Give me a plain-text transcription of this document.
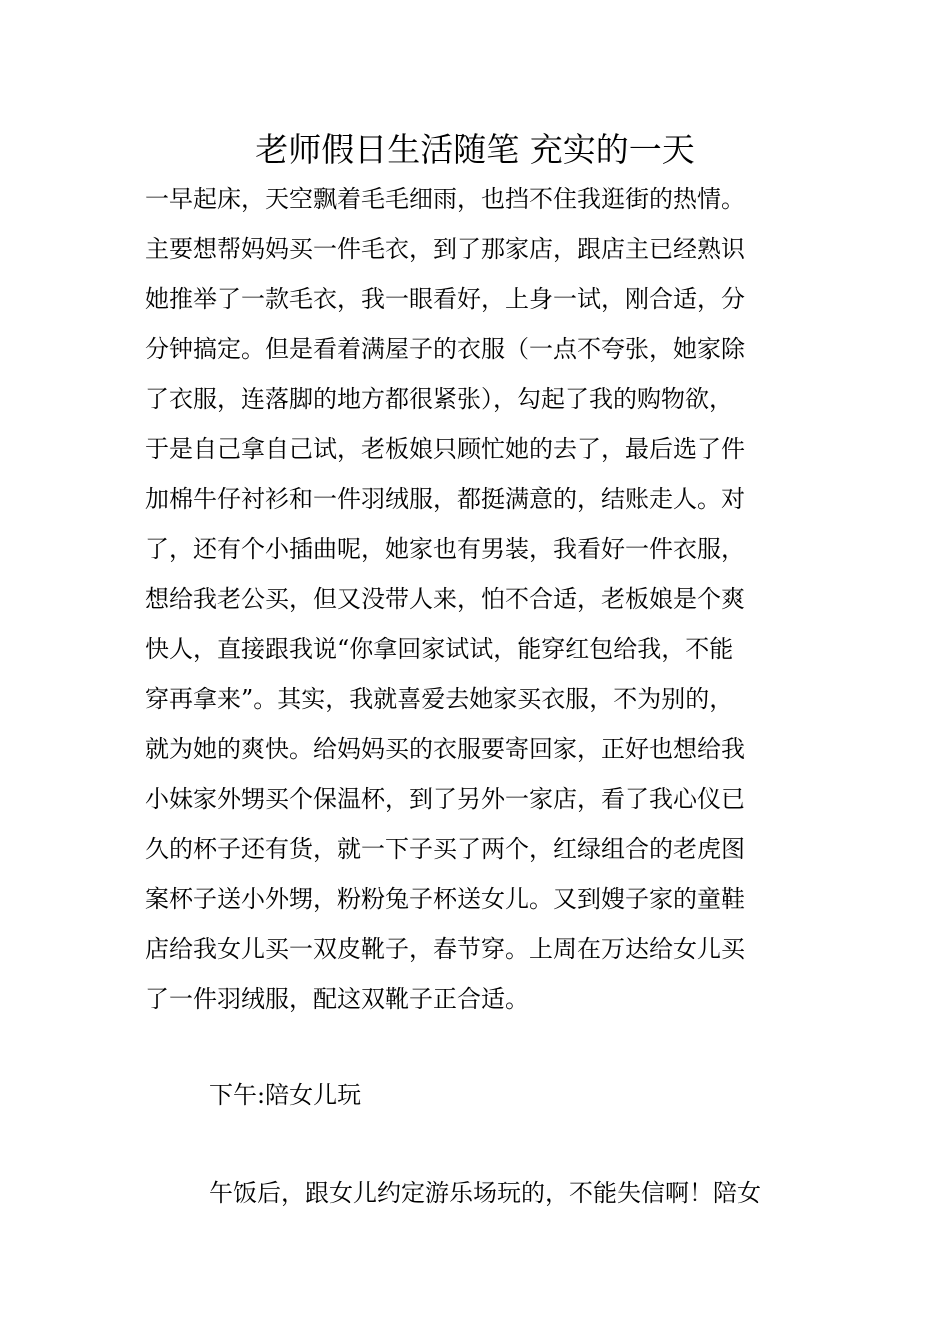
老师假日生活随笔 充实的一天
一早起床，天空飘着毛毛细雨，也挡不住我逛街的热情。
主要想帮妈妈买一件毛衣，到了那家店，跟店主已经熟识
她推举了一款毛衣，我一眼看好，上身一试，刚合适，分
分钟搞定。但是看着满屋子的衣服（一点不夸张，她家除
了衣服，连落脚的地方都很紧张），勾起了我的购物欲，
于是自己拿自己试，老板娘只顾忙她的去了，最后选了件
加棉牛仔衬衫和一件羽绒服，都挺满意的，结账走人。对
了，还有个小插曲呢，她家也有男装，我看好一件衣服，
想给我老公买，但又没带人来，怕不合适，老板娘是个爽
快人，直接跟我说“你拿回家试试，能穿红包给我，不能
穿再拿来”。其实，我就喜爱去她家买衣服，不为别的，
就为她的爽快。给妈妈买的衣服要寄回家，正好也想给我
小妹家外甥买个保温杯，到了另外一家店，看了我心仪已
久的杯子还有货，就一下子买了两个，红绿组合的老虎图
案杯子送小外甥，粉粉兔子杯送女儿。又到嫂子家的童鞋
店给我女儿买一双皮靴子，春节穿。上周在万达给女儿买
了一件羽绒服，配这双靴子正合适。
下午:陪女儿玩
午饭后，跟女儿约定游乐场玩的，不能失信啊！陪女
